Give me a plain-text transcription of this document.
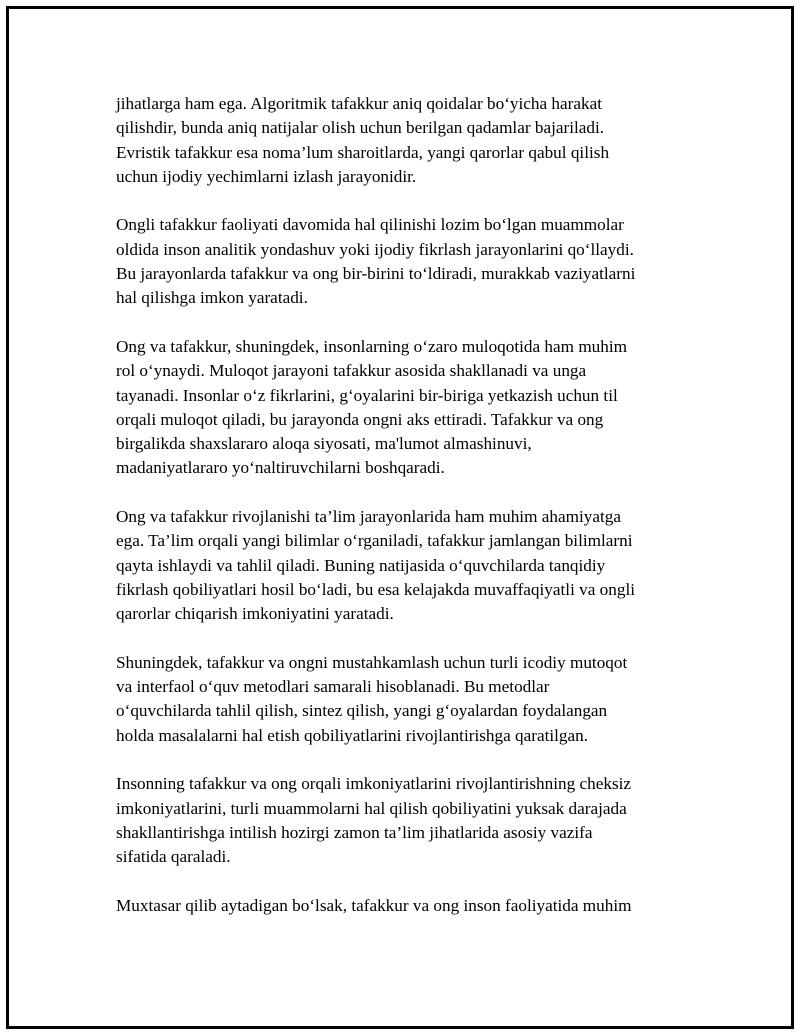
jihatlarga ham ega. Algoritmik tafakkur aniq qoidalar bo‘yicha harakat
qilishdir, bunda aniq natijalar olish uchun berilgan qadamlar bajariladi.
Evristik tafakkur esa noma’lum sharoitlarda, yangi qarorlar qabul qilish
uchun ijodiy yechimlarni izlash jarayonidir.

Ongli tafakkur faoliyati davomida hal qilinishi lozim bo‘lgan muammolar
oldida inson analitik yondashuv yoki ijodiy fikrlash jarayonlarini qo‘llaydi.
Bu jarayonlarda tafakkur va ong bir-birini to‘ldiradi, murakkab vaziyatlarni
hal qilishga imkon yaratadi.

Ong va tafakkur, shuningdek, insonlarning o‘zaro muloqotida ham muhim
rol o‘ynaydi. Muloqot jarayoni tafakkur asosida shakllanadi va unga
tayanadi. Insonlar o‘z fikrlarini, g‘oyalarini bir-biriga yetkazish uchun til
orqali muloqot qiladi, bu jarayonda ongni aks ettiradi. Tafakkur va ong
birgalikda shaxslararo aloqa siyosati, ma'lumot almashinuvi,
madaniyatlararo yo‘naltiruvchilarni boshqaradi.

Ong va tafakkur rivojlanishi ta’lim jarayonlarida ham muhim ahamiyatga
ega. Ta’lim orqali yangi bilimlar o‘rganiladi, tafakkur jamlangan bilimlarni
qayta ishlaydi va tahlil qiladi. Buning natijasida o‘quvchilarda tanqidiy
fikrlash qobiliyatlari hosil bo‘ladi, bu esa kelajakda muvaffaqiyatli va ongli
qarorlar chiqarish imkoniyatini yaratadi.

Shuningdek, tafakkur va ongni mustahkamlash uchun turli icodiy mutoqot
va interfaol o‘quv metodlari samarali hisoblanadi. Bu metodlar
o‘quvchilarda tahlil qilish, sintez qilish, yangi g‘oyalardan foydalangan
holda masalalarni hal etish qobiliyatlarini rivojlantirishga qaratilgan.

Insonning tafakkur va ong orqali imkoniyatlarini rivojlantirishning cheksiz
imkoniyatlarini, turli muammolarni hal qilish qobiliyatini yuksak darajada
shakllantirishga intilish hozirgi zamon ta’lim jihatlarida asosiy vazifa
sifatida qaraladi.

Muxtasar qilib aytadigan bo‘lsak, tafakkur va ong inson faoliyatida muhim
